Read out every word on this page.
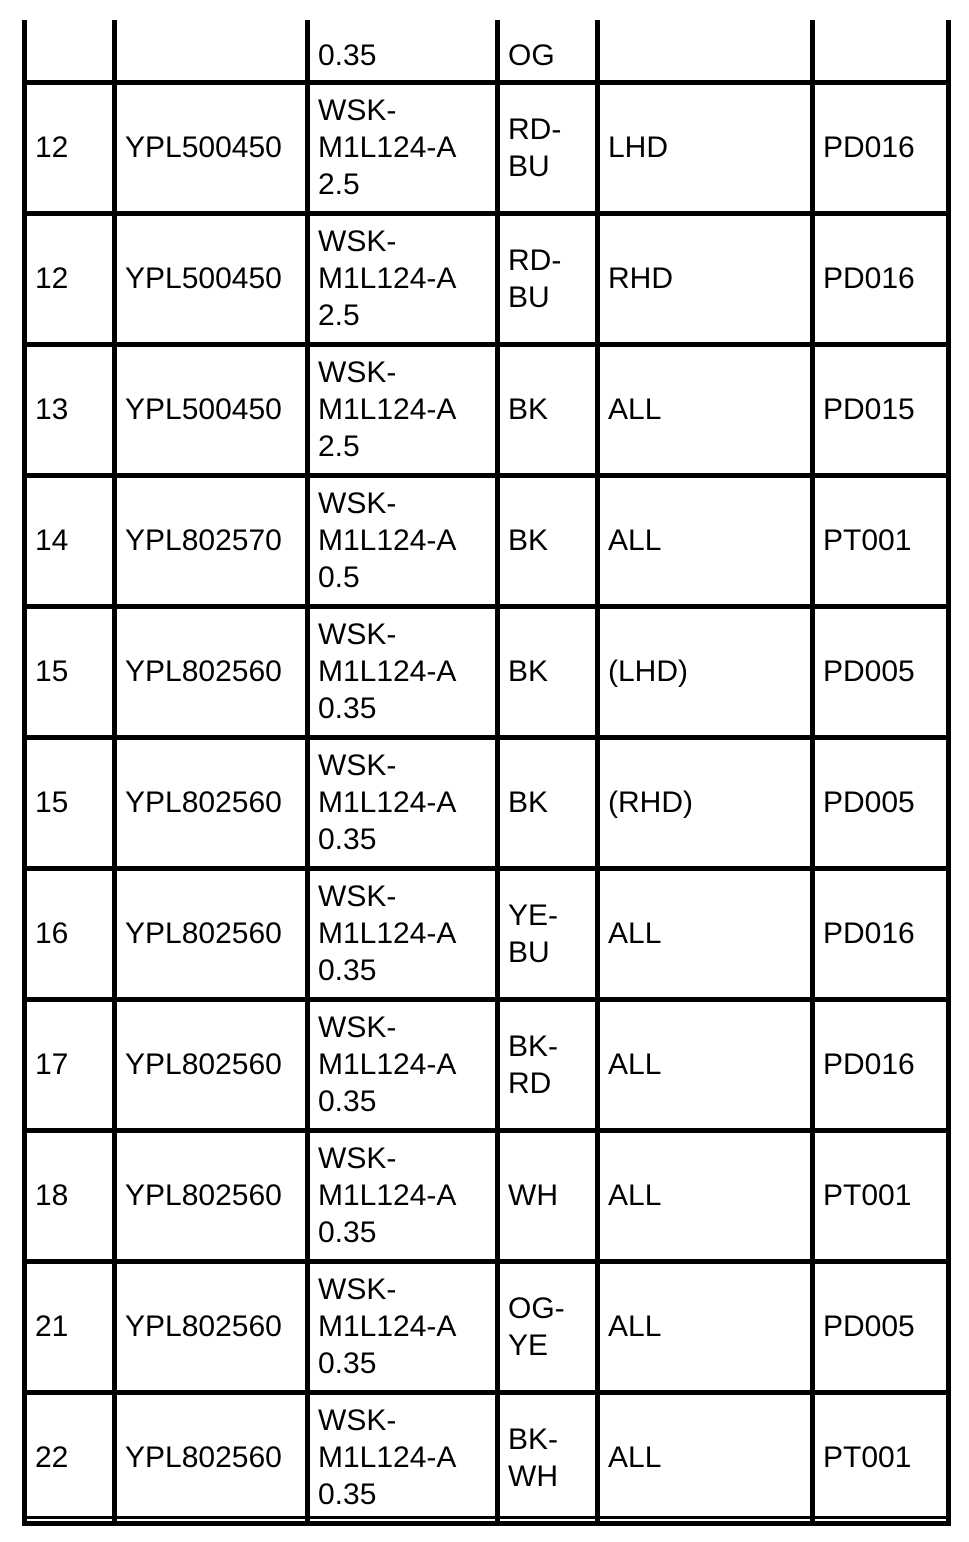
		0.35	OG		
12	YPL500450	WSK-
M1L124-A
2.5	RD-
BU	LHD	PD016
12	YPL500450	WSK-
M1L124-A
2.5	RD-
BU	RHD	PD016
13	YPL500450	WSK-
M1L124-A
2.5	BK	ALL	PD015
14	YPL802570	WSK-
M1L124-A
0.5	BK	ALL	PT001
15	YPL802560	WSK-
M1L124-A
0.35	BK	(LHD)	PD005
15	YPL802560	WSK-
M1L124-A
0.35	BK	(RHD)	PD005
16	YPL802560	WSK-
M1L124-A
0.35	YE-
BU	ALL	PD016
17	YPL802560	WSK-
M1L124-A
0.35	BK-
RD	ALL	PD016
18	YPL802560	WSK-
M1L124-A
0.35	WH	ALL	PT001
21	YPL802560	WSK-
M1L124-A
0.35	OG-
YE	ALL	PD005
22	YPL802560	WSK-
M1L124-A
0.35	BK-
WH	ALL	PT001
